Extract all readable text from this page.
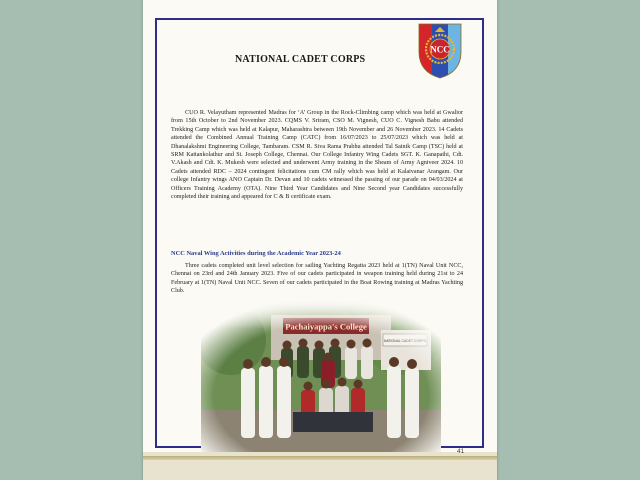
NATIONAL CADET CORPS
NCC

CUO R. Velayutham represented Madras for ‘A’ Group in the Rock-Climbing camp which was held at Gwalior from 15th October to 2nd November 2023. CQMS V. Sriram, CSO M. Vignesh, CUO C. Vignesh Babu attended Trekking Camp which was held at Kalapur, Maharashtra between 19th November and 26 November 2023. 14 Cadets attended the Combined Annual Training Camp (CATC) from 16/07/2023 to 25/07/2023 which was held at Dhanalakshmi Engineering College, Tambaram. CSM R. Siva Rama Prabhu attended Tal Sainik Camp (TSC) held at SRM Kattankolathur and St. Joseph College, Chennai. Our College Infantry Wing Cadets SGT. K. Ganapathi, Cdt. V.Akash and Cdt. K. Mukesh were selected and underwent Army training in the Sheam of Army Agniveer 2024. 10 Cadets attended RDC – 2024 contingent felicitations cum CM rally which was held at Kalaivanar Arangam. Our college Infantry wings ANO Captain Dr. Devan and 10 cadets witnessed the passing of our parade on 04/03/2024 at Officers Training Academy (OTA). Nine Third Year Candidates and Nine Second year Candidates successfully completed their training and appeared for C & B certificate exam.

NCC Naval Wing Activities during the Academic Year 2023-24

Three cadets completed unit level selection for sailing Yachting Regatta 2023 held at 1(TN) Naval Unit NCC, Chennai on 23rd and 24th January 2023. Five of our cadets participated in weapon training held during 21st to 24 February at 1(TN) Naval Unit NCC. Seven of our cadets participated in the Boat Rowing training at Madras Yachting Club.

41
